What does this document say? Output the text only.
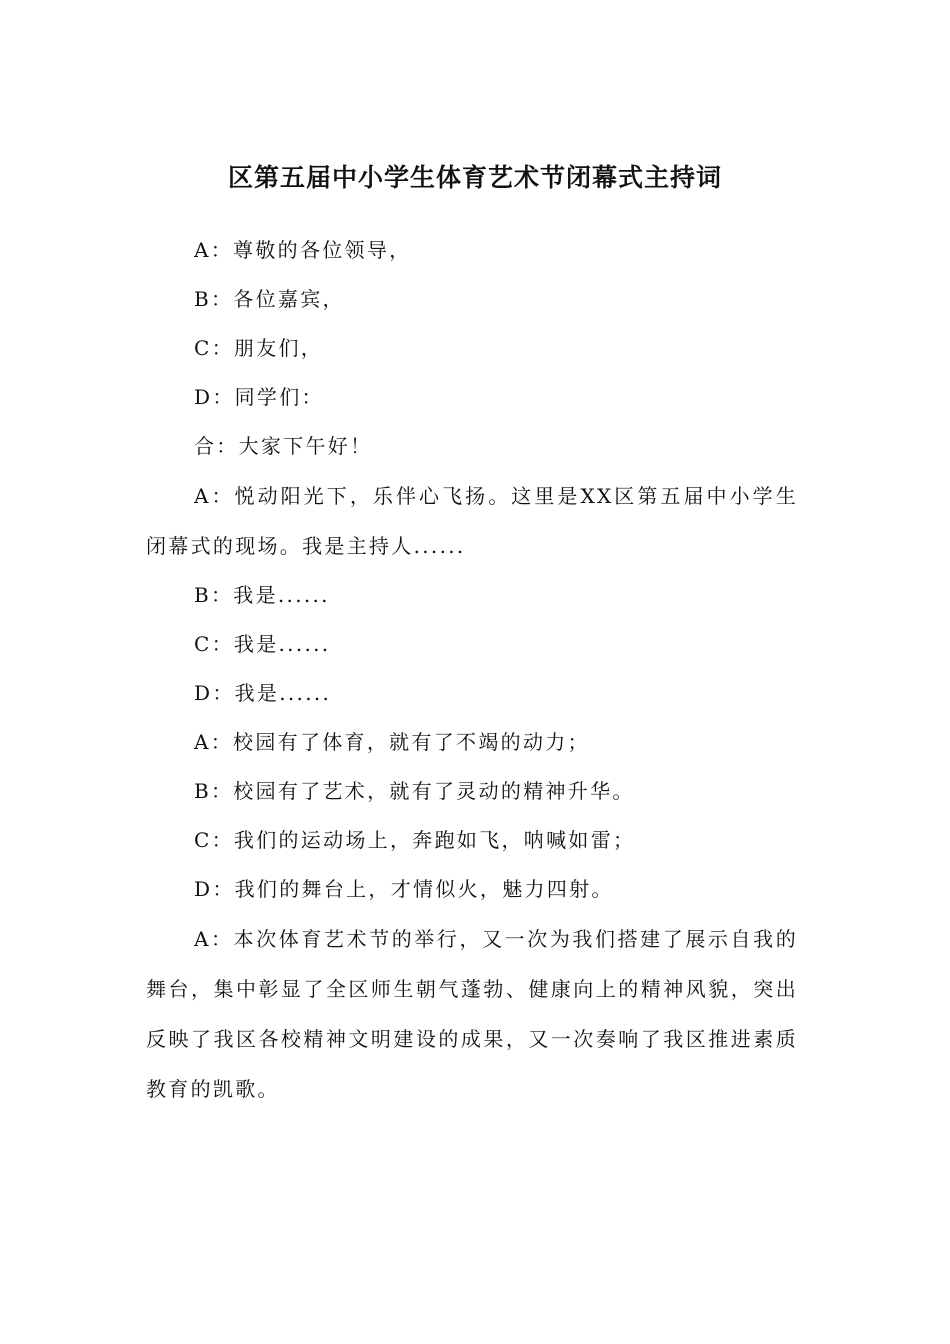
区第五届中小学生体育艺术节闭幕式主持词

A：尊敬的各位领导，

B：各位嘉宾，

C：朋友们，

D：同学们：

合：大家下午好！

A：悦动阳光下，乐伴心飞扬。这里是XX区第五届中小学生闭幕式的现场。我是主持人......

B：我是......

C：我是......

D：我是......

A：校园有了体育，就有了不竭的动力；

B：校园有了艺术，就有了灵动的精神升华。

C：我们的运动场上，奔跑如飞，呐喊如雷；

D：我们的舞台上，才情似火，魅力四射。

A：本次体育艺术节的举行，又一次为我们搭建了展示自我的舞台，集中彰显了全区师生朝气蓬勃、健康向上的精神风貌，突出反映了我区各校精神文明建设的成果，又一次奏响了我区推进素质教育的凯歌。
